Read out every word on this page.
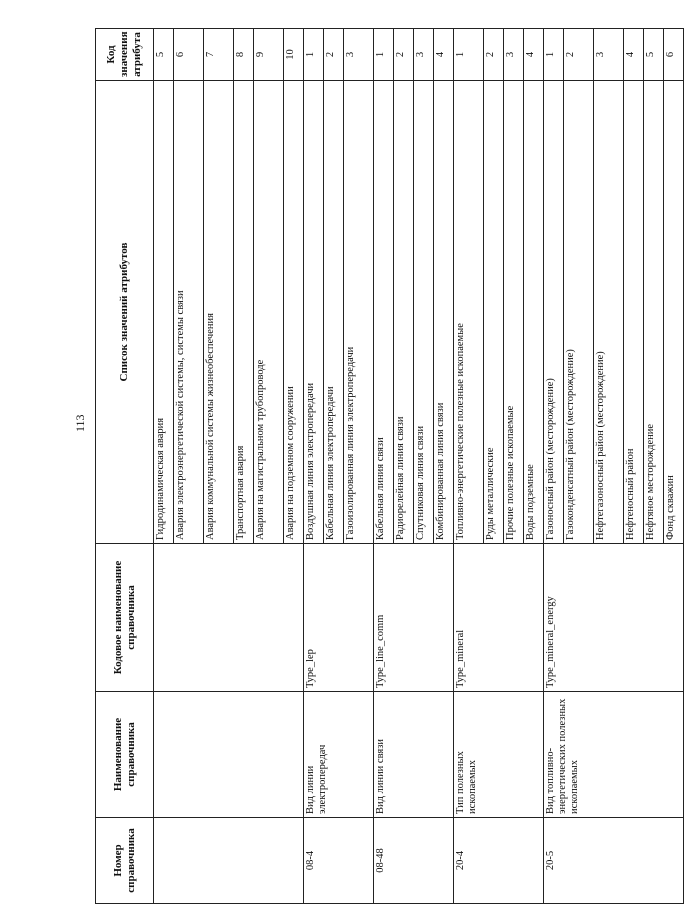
113
Номер справочника	Наименование справочника	Кодовое наименование справочника	Список значений атрибутов	Код значения атрибута
			Гидродинамическая авария	5
			Авария электроэнергетической системы, системы связи	6
			Авария коммунальной системы жизнеобеспечения	7
			Транспортная авария	8
			Авария на магистральном трубопроводе	9
			Авария на подземном сооружении	10
08-4	Вид линии электропередач	Type_lep	Воздушная линия электропередачи	1
			Кабельная линия электропередачи	2
			Газоизолированная линия электропередачи	3
08-48	Вид линии связи	Type_line_comm	Кабельная линия связи	1
			Радиорелейная линия связи	2
			Спутниковая линия связи	3
			Комбинированная линия связи	4
20-4	Тип полезных ископаемых	Type_mineral	Топливно-энергетические полезные ископаемые	1
			Руды металлические	2
			Прочие полезные ископаемые	3
			Воды подземные	4
20-5	Вид топливно-энергетических полезных ископаемых	Type_mineral_energy	Газоносный район (месторождение)	1
			Газоконденсатный район (месторождение)	2
			Нефтегазоносный район (месторождение)	3
			Нефтеносный район	4
			Нефтяное месторождение	5
			Фонд скважин	6
